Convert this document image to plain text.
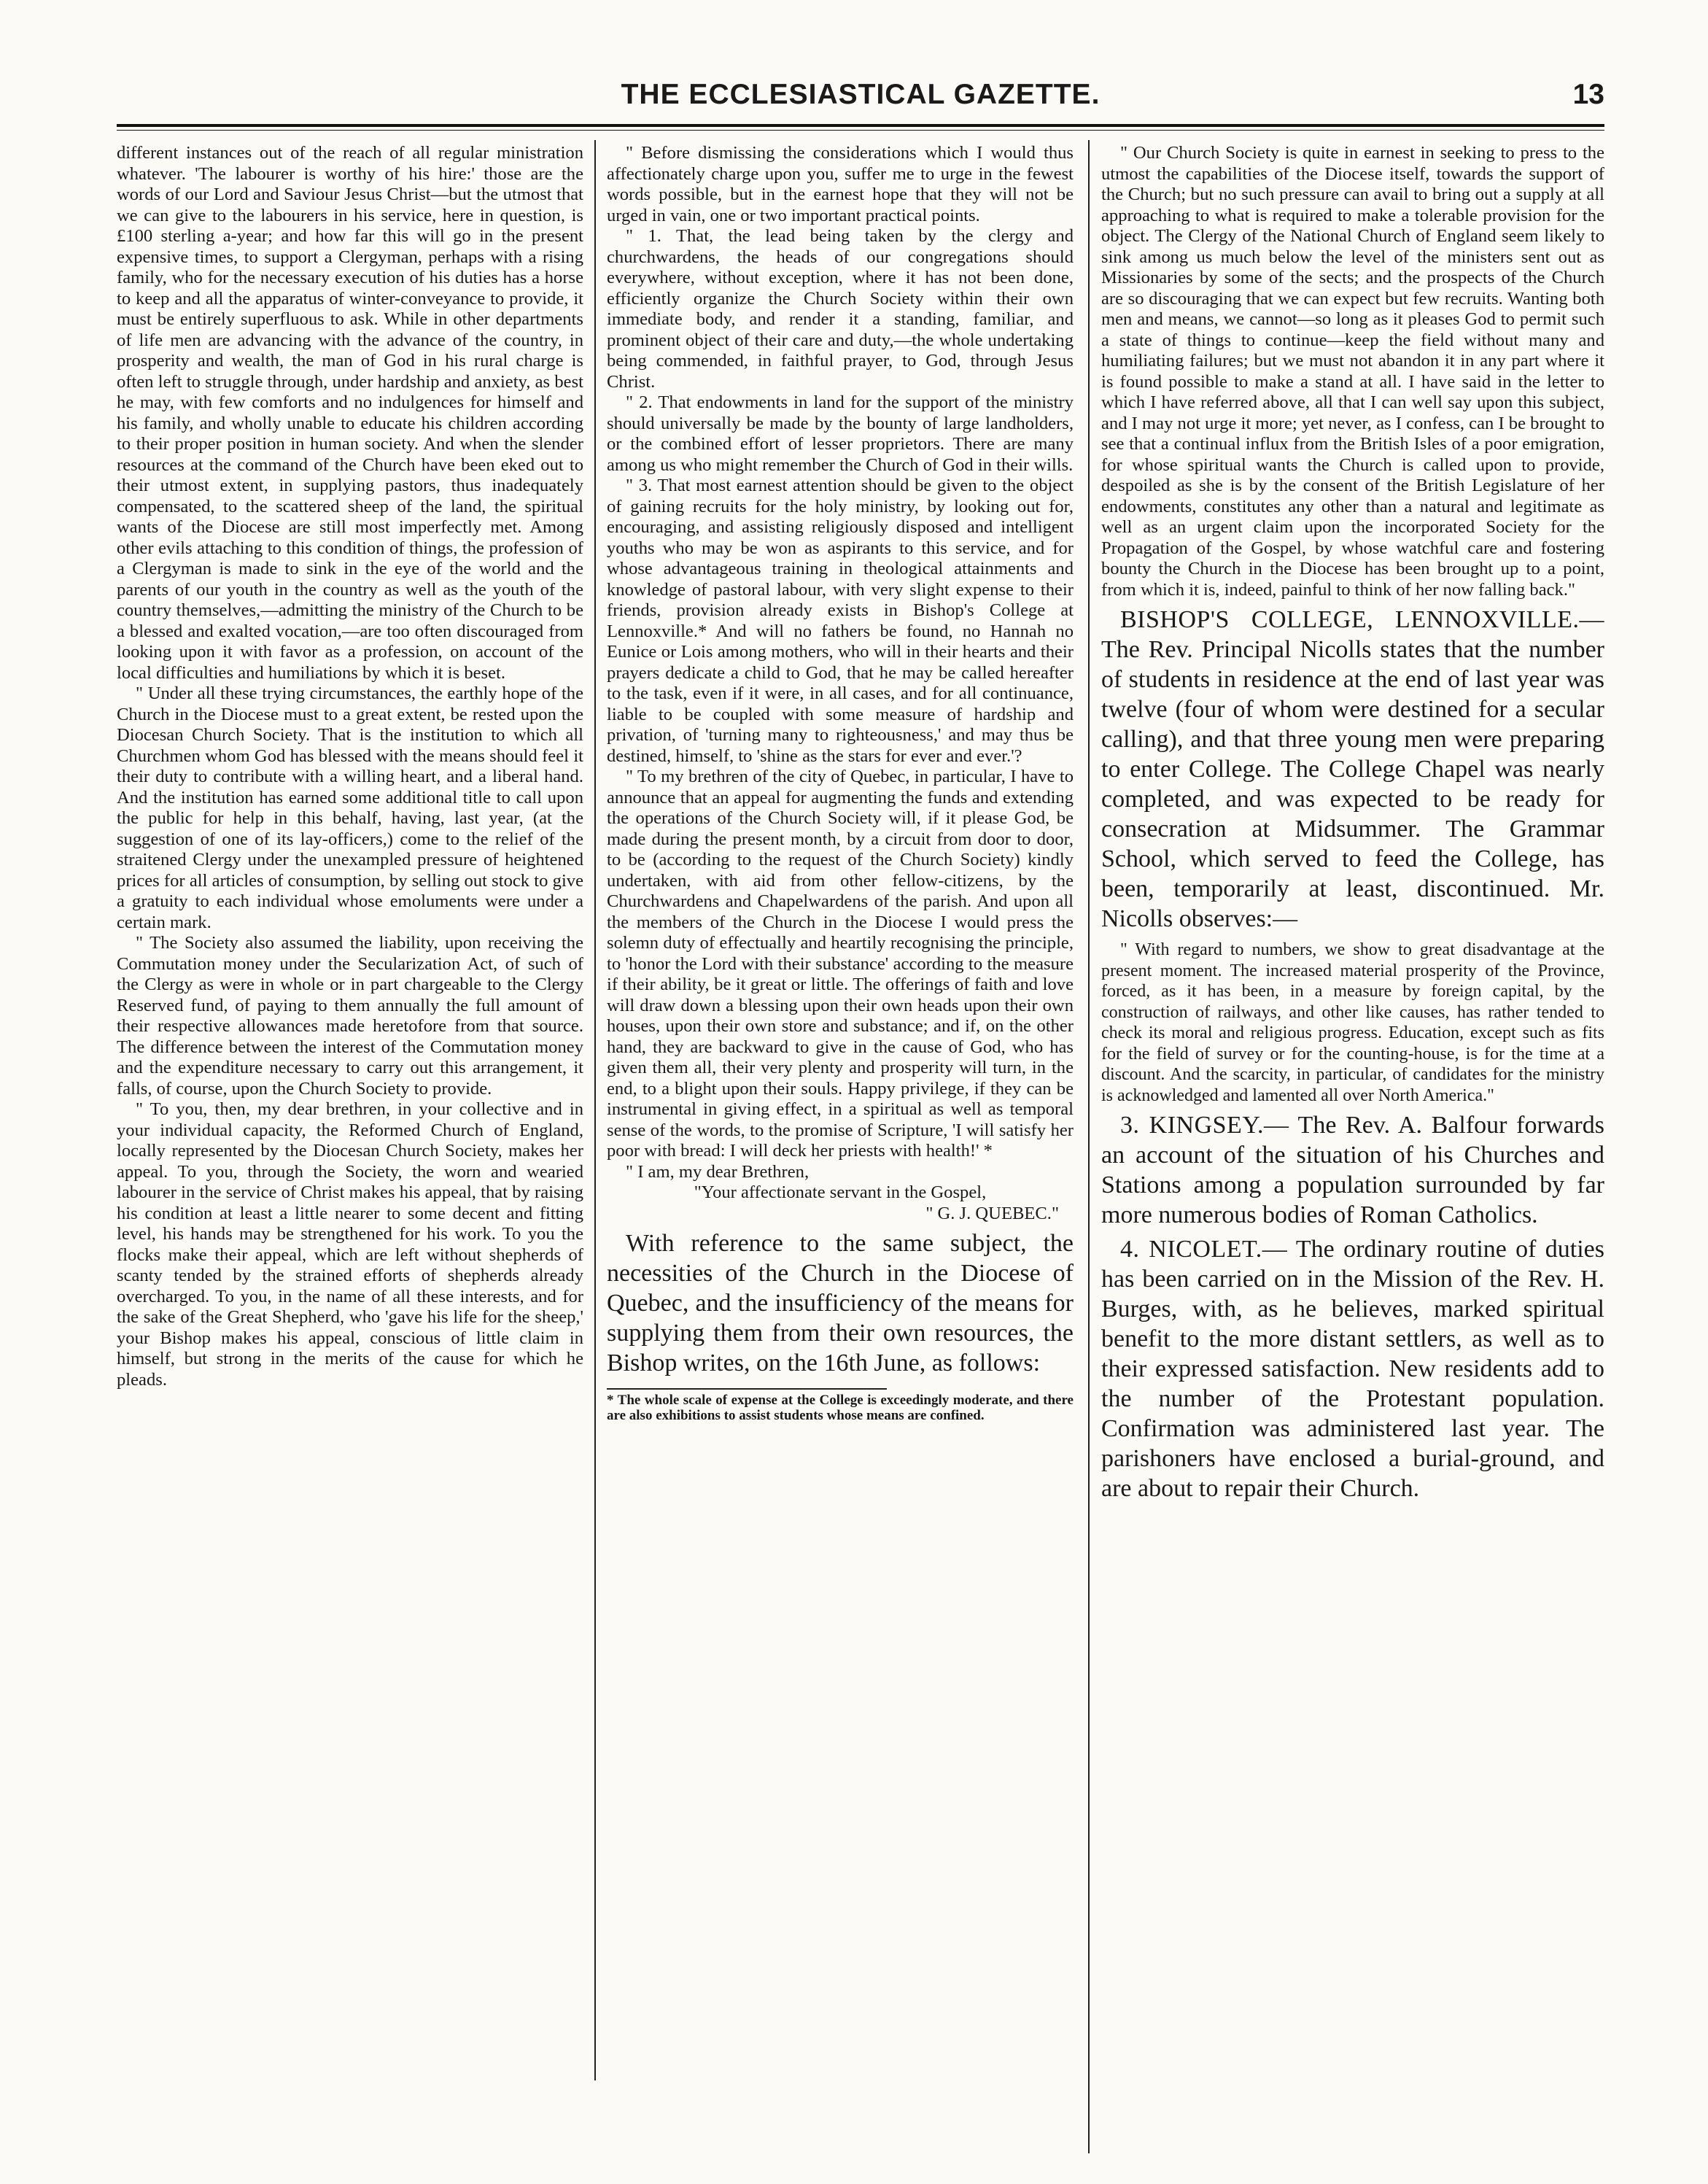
THE ECCLESIASTICAL GAZETTE.	13

different instances out of the reach of all regular ministration whatever. 'The labourer is worthy of his hire:' those are the words of our Lord and Saviour Jesus Christ—but the utmost that we can give to the labourers in his service, here in question, is £100 sterling a-year; and how far this will go in the present expensive times, to support a Clergyman, perhaps with a rising family, who for the necessary execution of his duties has a horse to keep and all the apparatus of winter-conveyance to provide, it must be entirely superfluous to ask. While in other departments of life men are advancing with the advance of the country, in prosperity and wealth, the man of God in his rural charge is often left to struggle through, under hardship and anxiety, as best he may, with few comforts and no indulgences for himself and his family, and wholly unable to educate his children according to their proper position in human society. And when the slender resources at the command of the Church have been eked out to their utmost extent, in supplying pastors, thus inadequately compensated, to the scattered sheep of the land, the spiritual wants of the Diocese are still most imperfectly met. Among other evils attaching to this condition of things, the profession of a Clergyman is made to sink in the eye of the world and the parents of our youth in the country as well as the youth of the country themselves,—admitting the ministry of the Church to be a blessed and exalted vocation,—are too often discouraged from looking upon it with favor as a profession, on account of the local difficulties and humiliations by which it is beset.

" Under all these trying circumstances, the earthly hope of the Church in the Diocese must to a great extent, be rested upon the Diocesan Church Society. That is the institution to which all Churchmen whom God has blessed with the means should feel it their duty to contribute with a willing heart, and a liberal hand. And the institution has earned some additional title to call upon the public for help in this behalf, having, last year, (at the suggestion of one of its lay-officers,) come to the relief of the straitened Clergy under the unexampled pressure of heightened prices for all articles of consumption, by selling out stock to give a gratuity to each individual whose emoluments were under a certain mark.

" The Society also assumed the liability, upon receiving the Commutation money under the Secularization Act, of such of the Clergy as were in whole or in part chargeable to the Clergy Reserved fund, of paying to them annually the full amount of their respective allowances made heretofore from that source. The difference between the interest of the Commutation money and the expenditure necessary to carry out this arrangement, it falls, of course, upon the Church Society to provide.

" To you, then, my dear brethren, in your collective and in your individual capacity, the Reformed Church of England, locally represented by the Diocesan Church Society, makes her appeal. To you, through the Society, the worn and wearied labourer in the service of Christ makes his appeal, that by raising his condition at least a little nearer to some decent and fitting level, his hands may be strengthened for his work. To you the flocks make their appeal, which are left without shepherds of scanty tended by the strained efforts of shepherds already overcharged. To you, in the name of all these interests, and for the sake of the Great Shepherd, who 'gave his life for the sheep,' your Bishop makes his appeal, conscious of little claim in himself, but strong in the merits of the cause for which he pleads.

" Before dismissing the considerations which I would thus affectionately charge upon you, suffer me to urge in the fewest words possible, but in the earnest hope that they will not be urged in vain, one or two important practical points.

" 1. That, the lead being taken by the clergy and churchwardens, the heads of our congregations should everywhere, without exception, where it has not been done, efficiently organize the Church Society within their own immediate body, and render it a standing, familiar, and prominent object of their care and duty,—the whole undertaking being commended, in faithful prayer, to God, through Jesus Christ.

" 2. That endowments in land for the support of the ministry should universally be made by the bounty of large landholders, or the combined effort of lesser proprietors. There are many among us who might remember the Church of God in their wills.

" 3. That most earnest attention should be given to the object of gaining recruits for the holy ministry, by looking out for, encouraging, and assisting religiously disposed and intelligent youths who may be won as aspirants to this service, and for whose advantageous training in theological attainments and knowledge of pastoral labour, with very slight expense to their friends, provision already exists in Bishop's College at Lennoxville.* And will no fathers be found, no Hannah no Eunice or Lois among mothers, who will in their hearts and their prayers dedicate a child to God, that he may be called hereafter to the task, even if it were, in all cases, and for all continuance, liable to be coupled with some measure of hardship and privation, of 'turning many to righteousness,' and may thus be destined, himself, to 'shine as the stars for ever and ever.'?

" To my brethren of the city of Quebec, in particular, I have to announce that an appeal for augmenting the funds and extending the operations of the Church Society will, if it please God, be made during the present month, by a circuit from door to door, to be (according to the request of the Church Society) kindly undertaken, with aid from other fellow-citizens, by the Churchwardens and Chapelwardens of the parish. And upon all the members of the Church in the Diocese I would press the solemn duty of effectually and heartily recognising the principle, to 'honor the Lord with their substance' according to the measure if their ability, be it great or little. The offerings of faith and love will draw down a blessing upon their own heads upon their own houses, upon their own store and substance; and if, on the other hand, they are backward to give in the cause of God, who has given them all, their very plenty and prosperity will turn, in the end, to a blight upon their souls. Happy privilege, if they can be instrumental in giving effect, in a spiritual as well as temporal sense of the words, to the promise of Scripture, 'I will satisfy her poor with bread: I will deck her priests with health!' *

" I am, my dear Brethren,

"Your affectionate servant in the Gospel,

" G. J. QUEBEC."

With reference to the same subject, the necessities of the Church in the Diocese of Quebec, and the insufficiency of the means for supplying them from their own resources, the Bishop writes, on the 16th June, as follows:

* The whole scale of expense at the College is exceedingly moderate, and there are also exhibitions to assist students whose means are confined.

" Our Church Society is quite in earnest in seeking to press to the utmost the capabilities of the Diocese itself, towards the support of the Church; but no such pressure can avail to bring out a supply at all approaching to what is required to make a tolerable provision for the object. The Clergy of the National Church of England seem likely to sink among us much below the level of the ministers sent out as Missionaries by some of the sects; and the prospects of the Church are so discouraging that we can expect but few recruits. Wanting both men and means, we cannot—so long as it pleases God to permit such a state of things to continue—keep the field without many and humiliating failures; but we must not abandon it in any part where it is found possible to make a stand at all. I have said in the letter to which I have referred above, all that I can well say upon this subject, and I may not urge it more; yet never, as I confess, can I be brought to see that a continual influx from the British Isles of a poor emigration, for whose spiritual wants the Church is called upon to provide, despoiled as she is by the consent of the British Legislature of her endowments, constitutes any other than a natural and legitimate as well as an urgent claim upon the incorporated Society for the Propagation of the Gospel, by whose watchful care and fostering bounty the Church in the Diocese has been brought up to a point, from which it is, indeed, painful to think of her now falling back."

BISHOP'S COLLEGE, LENNOXVILLE.— The Rev. Principal Nicolls states that the number of students in residence at the end of last year was twelve (four of whom were destined for a secular calling), and that three young men were preparing to enter College. The College Chapel was nearly completed, and was expected to be ready for consecration at Midsummer. The Grammar School, which served to feed the College, has been, temporarily at least, discontinued. Mr. Nicolls observes:—

" With regard to numbers, we show to great disadvantage at the present moment. The increased material prosperity of the Province, forced, as it has been, in a measure by foreign capital, by the construction of railways, and other like causes, has rather tended to check its moral and religious progress. Education, except such as fits for the field of survey or for the counting-house, is for the time at a discount. And the scarcity, in particular, of candidates for the ministry is acknowledged and lamented all over North America."

3. KINGSEY.— The Rev. A. Balfour forwards an account of the situation of his Churches and Stations among a population surrounded by far more numerous bodies of Roman Catholics.

4. NICOLET.— The ordinary routine of duties has been carried on in the Mission of the Rev. H. Burges, with, as he believes, marked spiritual benefit to the more distant settlers, as well as to their expressed satisfaction. New residents add to the number of the Protestant population. Confirmation was administered last year. The parishoners have enclosed a burial-ground, and are about to repair their Church.
